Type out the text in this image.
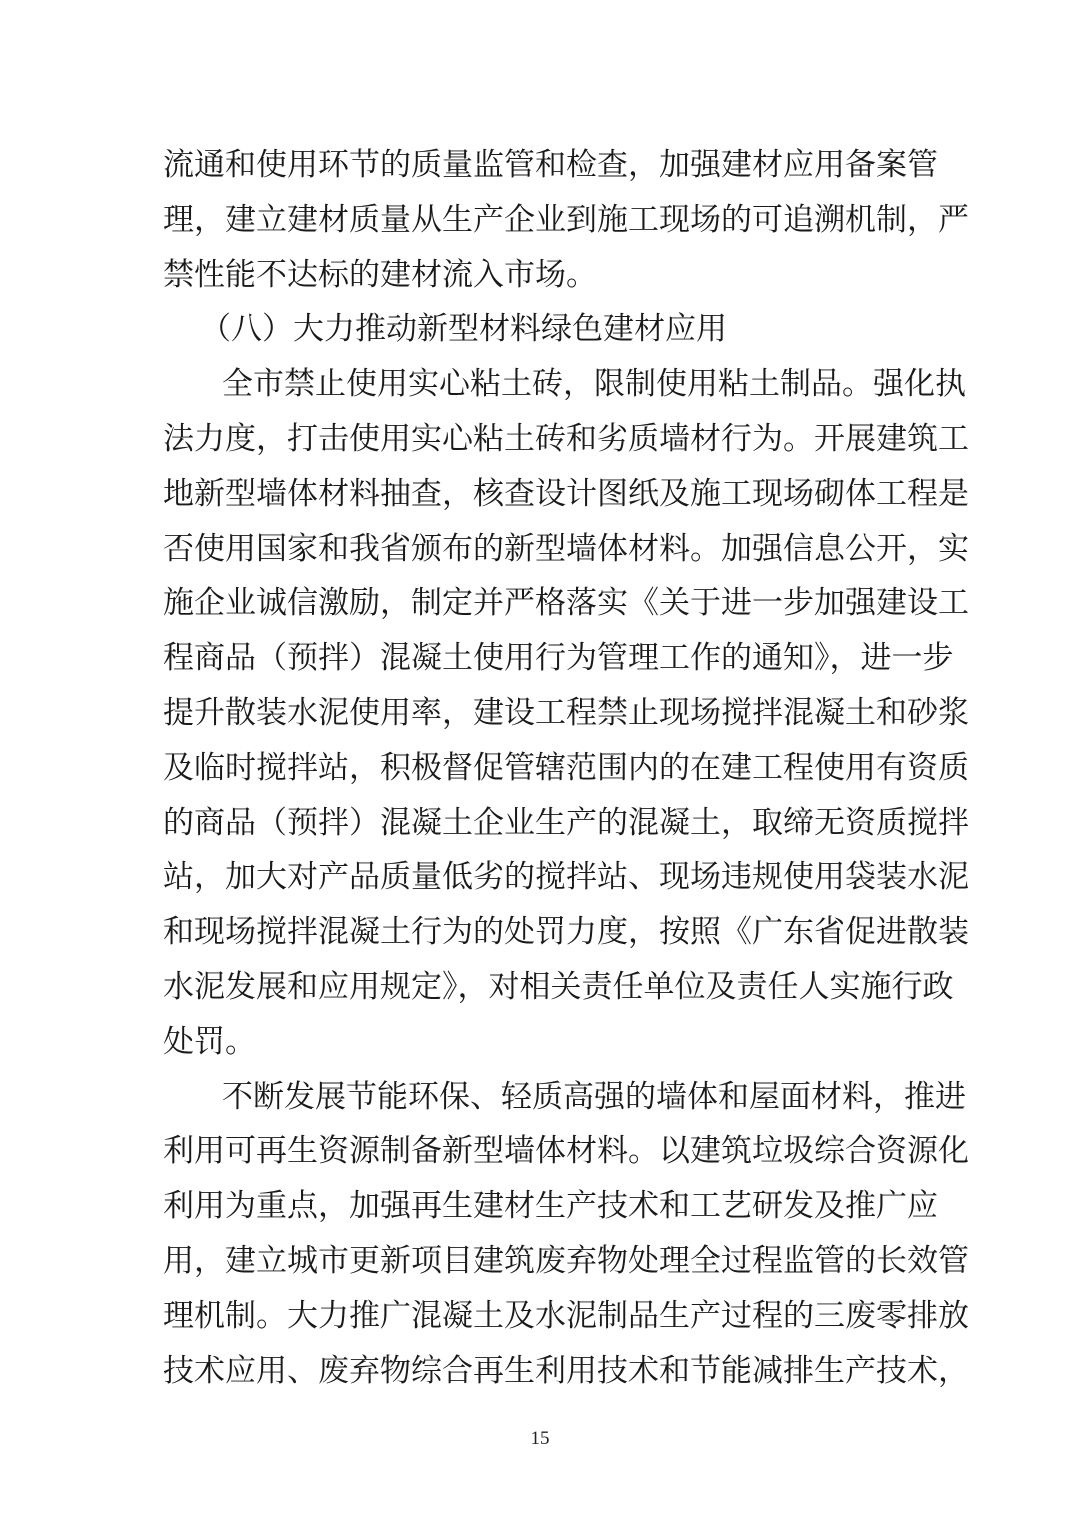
流通和使用环节的质量监管和检查，加强建材应用备案管
理，建立建材质量从生产企业到施工现场的可追溯机制，严
禁性能不达标的建材流入市场。
（八）大力推动新型材料绿色建材应用
全市禁止使用实心粘土砖，限制使用粘土制品。强化执
法力度，打击使用实心粘土砖和劣质墙材行为。开展建筑工
地新型墙体材料抽查，核查设计图纸及施工现场砌体工程是
否使用国家和我省颁布的新型墙体材料。加强信息公开，实
施企业诚信激励，制定并严格落实《关于进一步加强建设工
程商品（预拌）混凝土使用行为管理工作的通知》，进一步
提升散装水泥使用率，建设工程禁止现场搅拌混凝土和砂浆
及临时搅拌站，积极督促管辖范围内的在建工程使用有资质
的商品（预拌）混凝土企业生产的混凝土，取缔无资质搅拌
站，加大对产品质量低劣的搅拌站、现场违规使用袋装水泥
和现场搅拌混凝土行为的处罚力度，按照《广东省促进散装
水泥发展和应用规定》，对相关责任单位及责任人实施行政
处罚。
不断发展节能环保、轻质高强的墙体和屋面材料，推进
利用可再生资源制备新型墙体材料。以建筑垃圾综合资源化
利用为重点，加强再生建材生产技术和工艺研发及推广应
用，建立城市更新项目建筑废弃物处理全过程监管的长效管
理机制。大力推广混凝土及水泥制品生产过程的三废零排放
技术应用、废弃物综合再生利用技术和节能减排生产技术，
15
